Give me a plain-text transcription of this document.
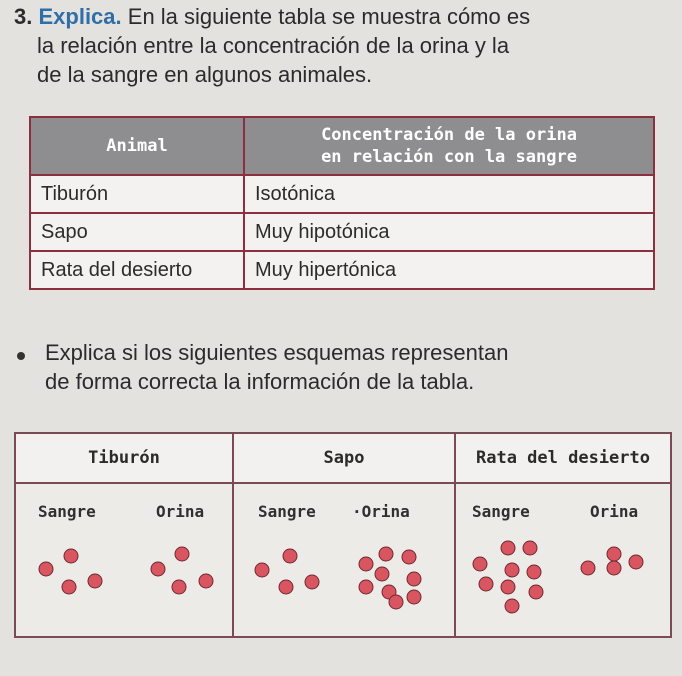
3. Explica. En la siguiente tabla se muestra cómo es
la relación entre la concentración de la orina y la
de la sangre en algunos animales.
Animal	Concentración de la orina
en relación con la sangre
Tiburón	Isotónica
Sapo	Muy hipotónica
Rata del desierto	Muy hipertónica
Explica si los siguientes esquemas representan
de forma correcta la información de la tabla.
Tiburón	Sapo	Rata del desierto

Sangre Orina	Sangre ·Orina	Sangre Orina
